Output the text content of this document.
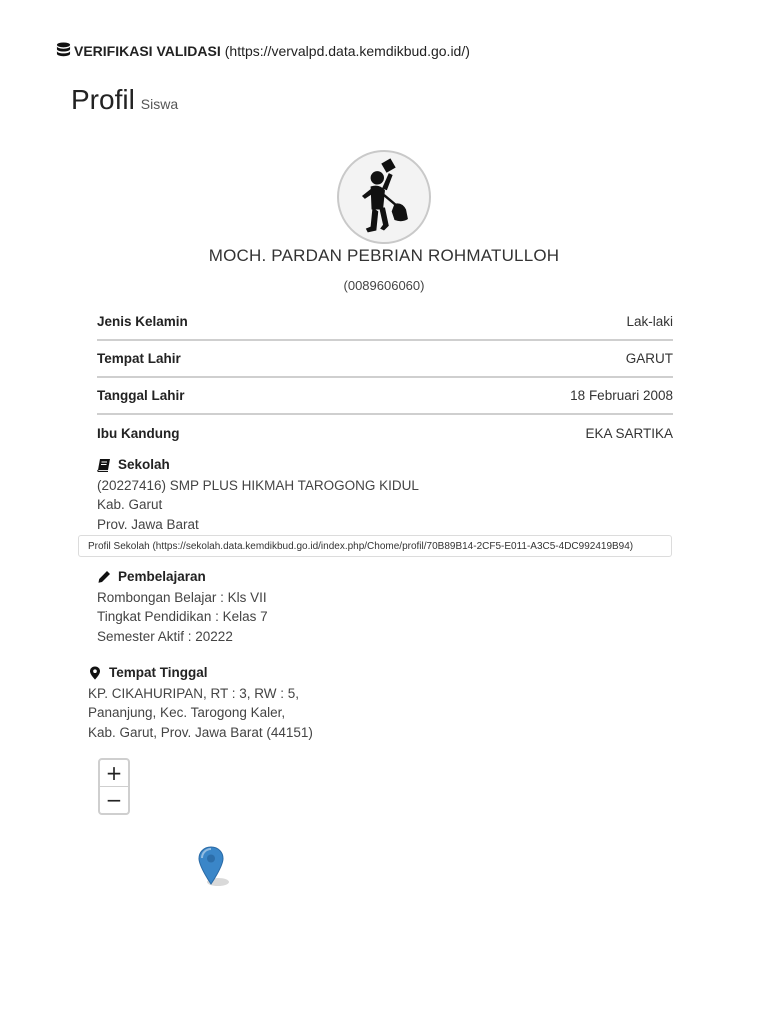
VERIFIKASI VALIDASI (https://vervalpd.data.kemdikbud.go.id/)
Profil Siswa
MOCH. PARDAN PEBRIAN ROHMATULLOH
(0089606060)
Jenis Kelamin	Lak-laki
Tempat Lahir	GARUT
Tanggal Lahir	18 Februari 2008
Ibu Kandung	EKA SARTIKA
Sekolah
(20227416) SMP PLUS HIKMAH TAROGONG KIDUL
Kab. Garut
Prov. Jawa Barat
Profil Sekolah (https://sekolah.data.kemdikbud.go.id/index.php/Chome/profil/70B89B14-2CF5-E011-A3C5-4DC992419B94)
Pembelajaran
Rombongan Belajar : Kls VII
Tingkat Pendidikan : Kelas 7
Semester Aktif : 20222
Tempat Tinggal
KP. CIKAHURIPAN, RT : 3, RW : 5,
Pananjung, Kec. Tarogong Kaler,
Kab. Garut, Prov. Jawa Barat (44151)
+
−
